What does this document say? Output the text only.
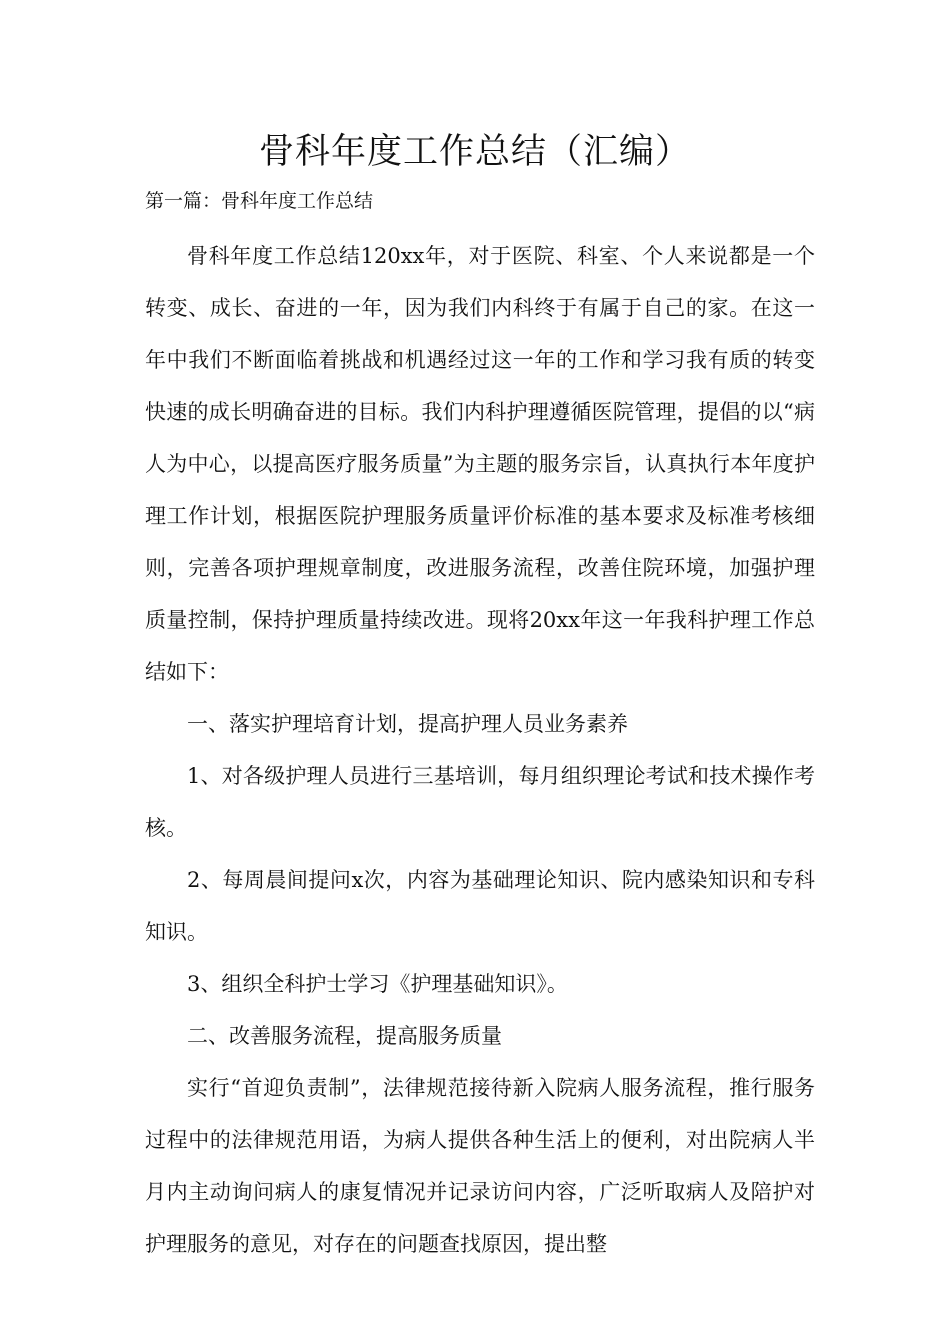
骨科年度工作总结（汇编）
第一篇：骨科年度工作总结

骨科年度工作总结120xx年，对于医院、科室、个人来说都是一个转变、成长、奋进的一年，因为我们内科终于有属于自己的家。在这一年中我们不断面临着挑战和机遇经过这一年的工作和学习我有质的转变快速的成长明确奋进的目标。我们内科护理遵循医院管理，提倡的以“病人为中心，以提高医疗服务质量”为主题的服务宗旨，认真执行本年度护理工作计划，根据医院护理服务质量评价标准的基本要求及标准考核细则，完善各项护理规章制度，改进服务流程，改善住院环境，加强护理质量控制，保持护理质量持续改进。现将20xx年这一年我科护理工作总结如下：

一、落实护理培育计划，提高护理人员业务素养

1、对各级护理人员进行三基培训，每月组织理论考试和技术操作考核。

2、每周晨间提问x次，内容为基础理论知识、院内感染知识和专科知识。

3、组织全科护士学习《护理基础知识》。

二、改善服务流程，提高服务质量

实行“首迎负责制”，法律规范接待新入院病人服务流程，推行服务过程中的法律规范用语，为病人提供各种生活上的便利，对出院病人半月内主动询问病人的康复情况并记录访问内容，广泛听取病人及陪护对护理服务的意见，对存在的问题查找原因，提出整
